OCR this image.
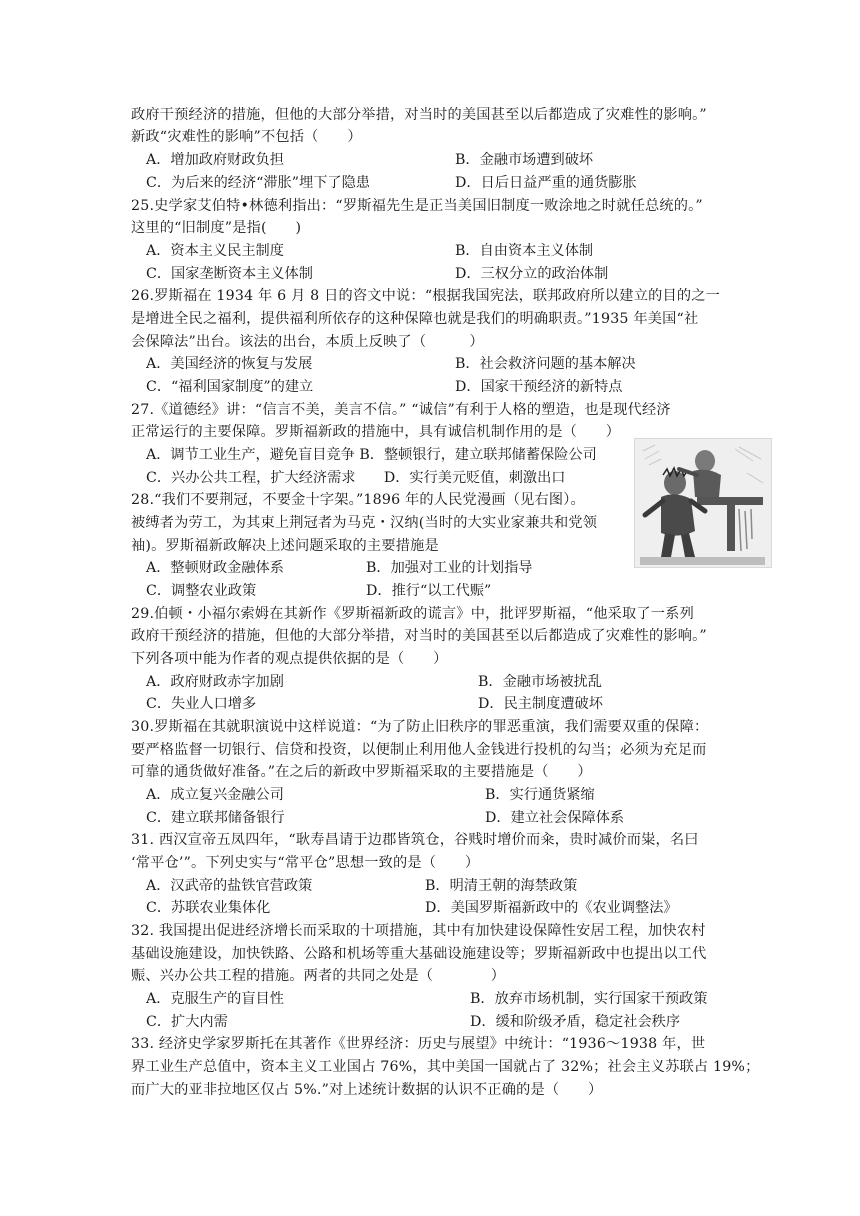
政府干预经济的措施，但他的大部分举措，对当时的美国甚至以后都造成了灾难性的影响。”
新政“灾难性的影响”不包括（　　）
A．增加政府财政负担	B．金融市场遭到破坏
C．为后来的经济“滞胀”埋下了隐患	D．日后日益严重的通货膨胀
25.史学家艾伯特•林德利指出：“罗斯福先生是正当美国旧制度一败涂地之时就任总统的。”
这里的“旧制度”是指(　　)
A．资本主义民主制度	B．自由资本主义体制
C．国家垄断资本主义体制	D．三权分立的政治体制
26.罗斯福在 1934 年 6 月 8 日的咨文中说：“根据我国宪法，联邦政府所以建立的目的之一
是增进全民之福利，提供福利所依存的这种保障也就是我们的明确职责。”1935 年美国“社
会保障法”出台。该法的出台，本质上反映了（　　　）
A．美国经济的恢复与发展	B．社会救济问题的基本解决
C．“福利国家制度”的建立	D．国家干预经济的新特点
27.《道德经》讲：“信言不美，美言不信。” “诚信”有利于人格的塑造，也是现代经济
正常运行的主要保障。罗斯福新政的措施中，具有诚信机制作用的是（　　）
A．调节工业生产，避免盲目竞争 B．整顿银行，建立联邦储蓄保险公司
C．兴办公共工程，扩大经济需求　　D．实行美元贬值，刺激出口
28.“我们不要荆冠，不要金十字架。”1896 年的人民党漫画（见右图）。
被缚者为劳工，为其束上荆冠者为马克・汉纳(当时的大实业家兼共和党领
袖)。罗斯福新政解决上述问题采取的主要措施是
A．整顿财政金融体系	B．加强对工业的计划指导
C．调整农业政策	D．推行“以工代赈”
29.伯顿・小福尔索姆在其新作《罗斯福新政的谎言》中，批评罗斯福，“他采取了一系列
政府干预经济的措施，但他的大部分举措，对当时的美国甚至以后都造成了灾难性的影响。”
下列各项中能为作者的观点提供依据的是（　　）
A．政府财政赤字加剧	B．金融市场被扰乱
C．失业人口增多	D．民主制度遭破坏
30.罗斯福在其就职演说中这样说道：“为了防止旧秩序的罪恶重演，我们需要双重的保障：
要严格监督一切银行、信贷和投资，以便制止利用他人金钱进行投机的勾当；必须为充足而
可靠的通货做好准备。”在之后的新政中罗斯福采取的主要措施是（　　）
A．成立复兴金融公司	B．实行通货紧缩
C．建立联邦储备银行	D．建立社会保障体系
31. 西汉宣帝五凤四年，“耿寿昌请于边郡皆筑仓，谷贱时增价而籴，贵时减价而粜，名曰
‘常平仓’”。下列史实与“常平仓”思想一致的是（　　）
A．汉武帝的盐铁官营政策	B．明清王朝的海禁政策
C．苏联农业集体化	D．美国罗斯福新政中的《农业调整法》
32. 我国提出促进经济增长而采取的十项措施，其中有加快建设保障性安居工程，加快农村
基础设施建设，加快铁路、公路和机场等重大基础设施建设等；罗斯福新政中也提出以工代
赈、兴办公共工程的措施。两者的共同之处是（　　　　）
A．克服生产的盲目性	B．放弃市场机制，实行国家干预政策
C．扩大内需	D．缓和阶级矛盾，稳定社会秩序
33. 经济史学家罗斯托在其著作《世界经济：历史与展望》中统计：“1936～1938 年，世
界工业生产总值中，资本主义工业国占 76%，其中美国一国就占了 32%；社会主义苏联占 19%；
而广大的亚非拉地区仅占 5%.”对上述统计数据的认识不正确的是（　　）
